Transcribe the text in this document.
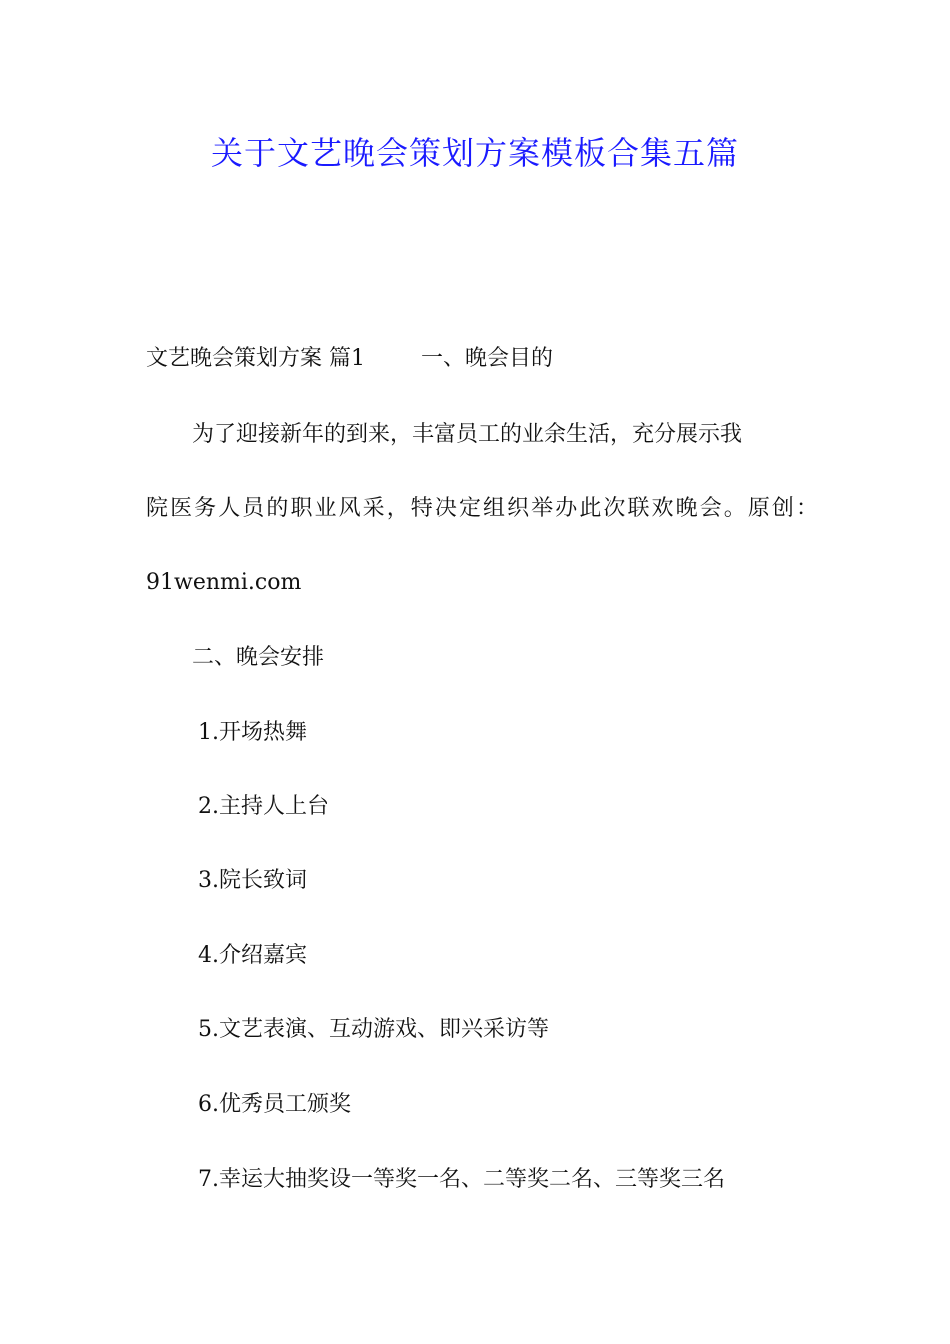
关于文艺晚会策划方案模板合集五篇

文艺晚会策划方案 篇1	一、晚会目的

为了迎接新年的到来，丰富员工的业余生活，充分展示我

院医务人员的职业风采，特决定组织举办此次联欢晚会。原创：

91wenmi.com

二、晚会安排

1.开场热舞

2.主持人上台

3.院长致词

4.介绍嘉宾

5.文艺表演、互动游戏、即兴采访等

6.优秀员工颁奖

7.幸运大抽奖设一等奖一名、二等奖二名、三等奖三名
